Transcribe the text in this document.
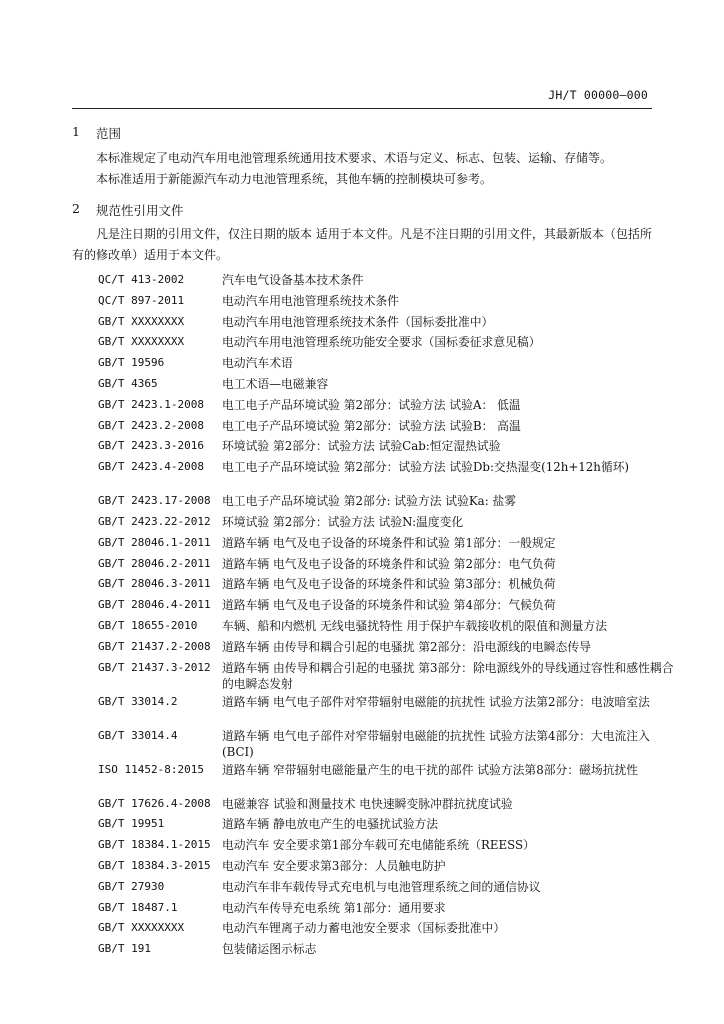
JH/T 00000—000
1	范围
本标准规定了电动汽车用电池管理系统通用技术要求、术语与定义、标志、包装、运输、存储等。
本标准适用于新能源汽车动力电池管理系统，其他车辆的控制模块可参考。
2	规范性引用文件
凡是注日期的引用文件，仅注日期的版本 适用于本文件。凡是不注日期的引用文件，其最新版本（包括所有的修改单）适用于本文件。
QC/T 413-2002	汽车电气设备基本技术条件
QC/T 897-2011	电动汽车用电池管理系统技术条件
GB/T XXXXXXXX	电动汽车用电池管理系统技术条件（国标委批准中）
GB/T XXXXXXXX	电动汽车用电池管理系统功能安全要求（国标委征求意见稿）
GB/T 19596	电动汽车术语
GB/T 4365	电工术语—电磁兼容
GB/T 2423.1-2008	电工电子产品环境试验 第2部分：试验方法 试验A： 低温
GB/T 2423.2-2008	电工电子产品环境试验 第2部分：试验方法 试验B： 高温
GB/T 2423.3-2016	环境试验 第2部分：试验方法 试验Cab:恒定湿热试验
GB/T 2423.4-2008	电工电子产品环境试验 第2部分：试验方法 试验Db:交热湿变(12h+12h循环)
GB/T 2423.17-2008 电工电子产品环境试验 第2部分: 试验方法 试验Ka: 盐雾
GB/T 2423.22-2012 环境试验 第2部分：试验方法 试验N:温度变化
GB/T 28046.1-2011 道路车辆 电气及电子设备的环境条件和试验 第1部分：一般规定
GB/T 28046.2-2011 道路车辆 电气及电子设备的环境条件和试验 第2部分：电气负荷
GB/T 28046.3-2011 道路车辆 电气及电子设备的环境条件和试验 第3部分：机械负荷
GB/T 28046.4-2011 道路车辆 电气及电子设备的环境条件和试验 第4部分：气候负荷
GB/T 18655-2010	车辆、船和内燃机 无线电骚扰特性 用于保护车载接收机的限值和测量方法
GB/T 21437.2-2008 道路车辆 由传导和耦合引起的电骚扰 第2部分：沿电源线的电瞬态传导
GB/T 21437.3-2012 道路车辆 由传导和耦合引起的电骚扰 第3部分：除电源线外的导线通过容性和感性耦合的电瞬态发射
GB/T 33014.2	道路车辆 电气电子部件对窄带辐射电磁能的抗扰性 试验方法第2部分：电波暗室法
GB/T 33014.4	道路车辆 电气电子部件对窄带辐射电磁能的抗扰性 试验方法第4部分：大电流注入(BCI)
ISO 11452-8:2015	道路车辆 窄带辐射电磁能量产生的电干扰的部件 试验方法第8部分：磁场抗扰性
GB/T 17626.4-2008 电磁兼容 试验和测量技术 电快速瞬变脉冲群抗扰度试验
GB/T 19951	道路车辆 静电放电产生的电骚扰试验方法
GB/T 18384.1-2015 电动汽车 安全要求第1部分车载可充电储能系统（REESS）
GB/T 18384.3-2015 电动汽车 安全要求第3部分：人员触电防护
GB/T 27930	电动汽车非车载传导式充电机与电池管理系统之间的通信协议
GB/T 18487.1	电动汽车传导充电系统 第1部分：通用要求
GB/T XXXXXXXX	电动汽车锂离子动力蓄电池安全要求（国标委批准中）
GB/T 191	包装储运图示标志
